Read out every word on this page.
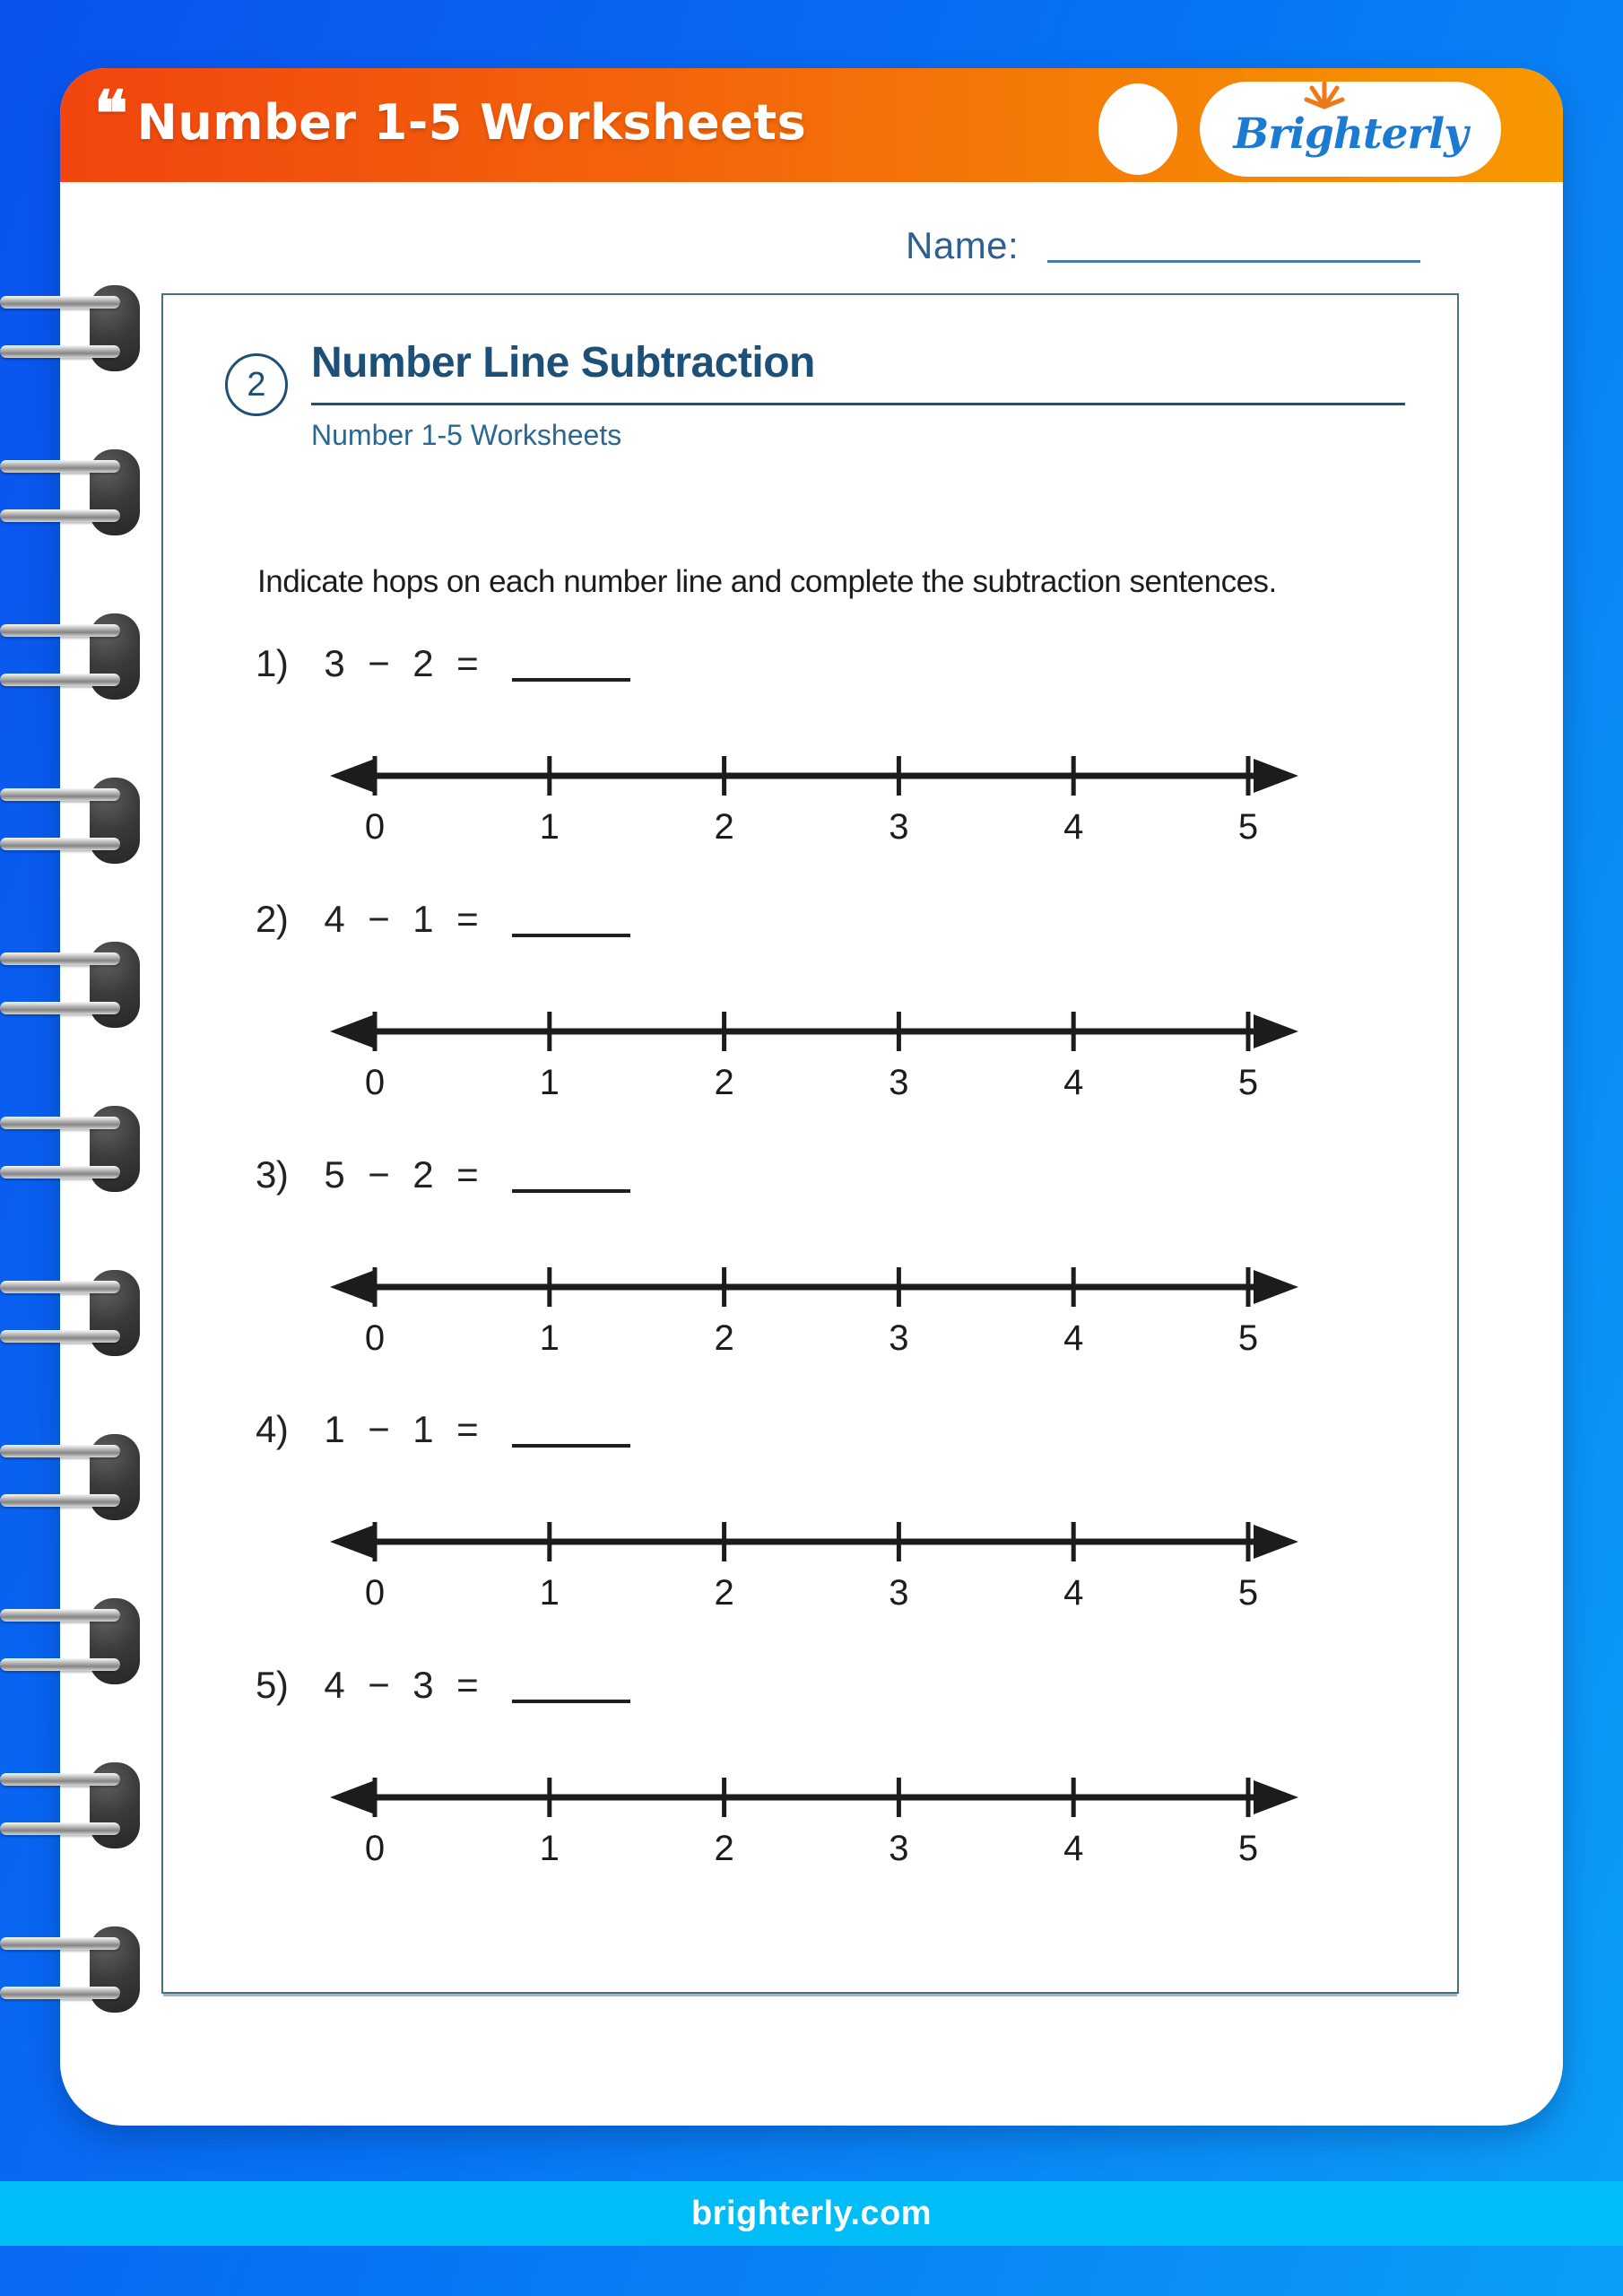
❝ Number 1-5 Worksheets	Brighterly
Name:
2	Number Line Subtraction
Number 1-5 Worksheets
Indicate hops on each number line and complete the subtraction sentences.
1) 3 − 2 =
0	1	2	3	4	5
2) 4 − 1 =
0	1	2	3	4	5
3) 5 − 2 =
0	1	2	3	4	5
4) 1 − 1 =
0	1	2	3	4	5
5) 4 − 3 =
0	1	2	3	4	5
brighterly.com
